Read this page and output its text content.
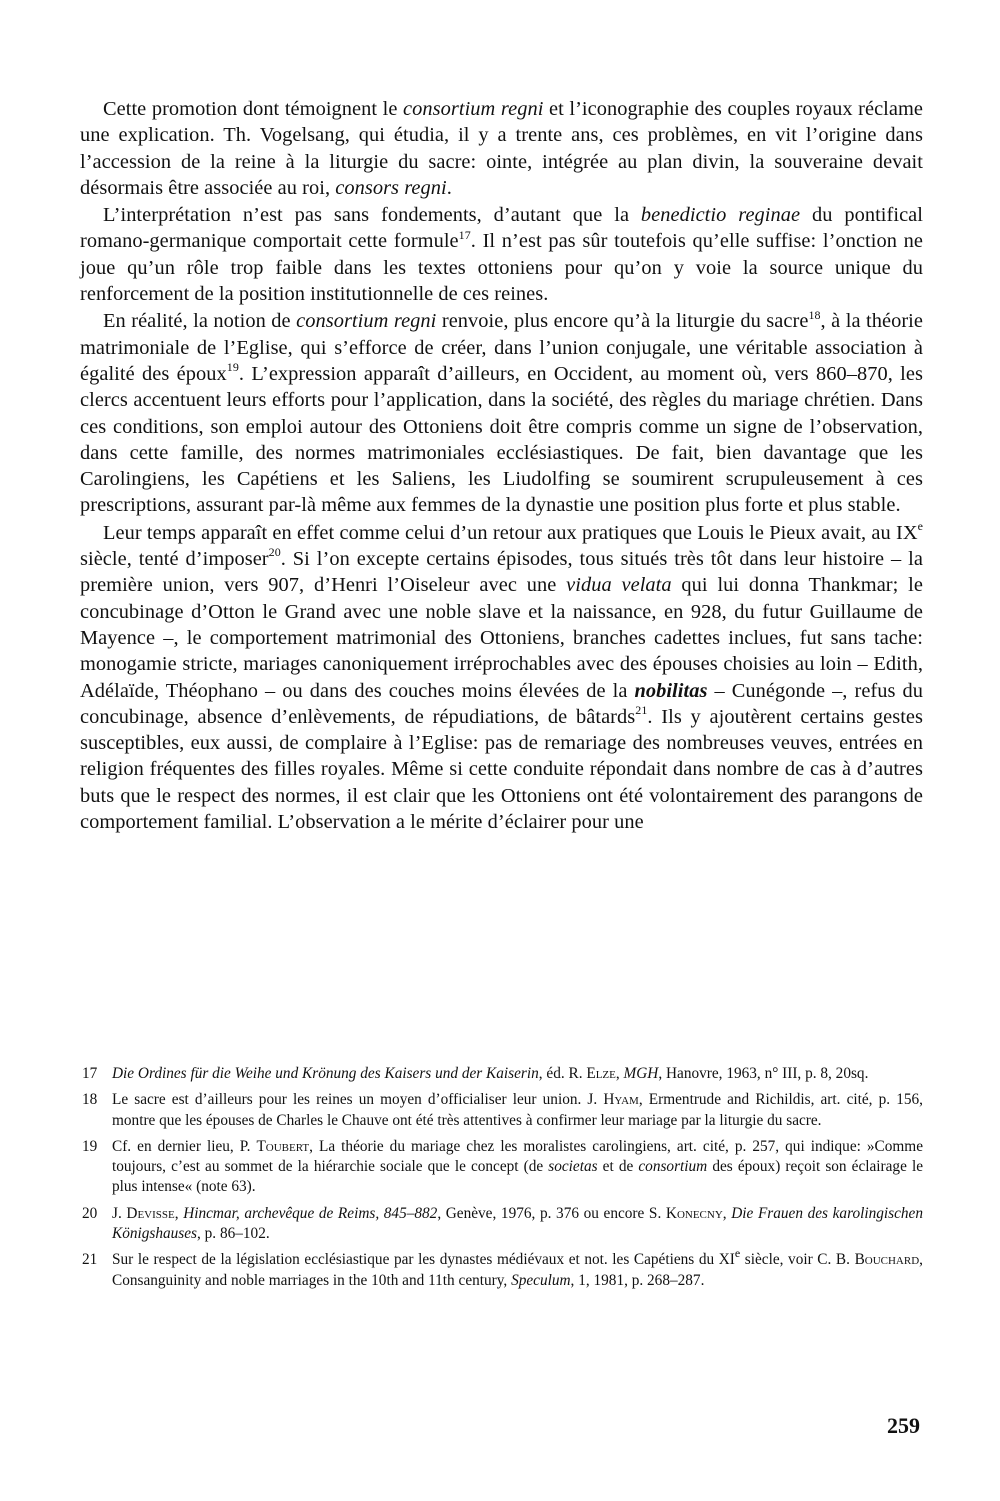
Cette promotion dont témoignent le consortium regni et l’iconographie des couples royaux réclame une explication. Th. Vogelsang, qui étudia, il y a trente ans, ces problèmes, en vit l’origine dans l’accession de la reine à la liturgie du sacre: ointe, intégrée au plan divin, la souveraine devait désormais être associée au roi, consors regni.

L’interprétation n’est pas sans fondements, d’autant que la benedictio reginae du pontifical romano-germanique comportait cette formule$^{17}$. Il n’est pas sûr toutefois qu’elle suffise: l’onction ne joue qu’un rôle trop faible dans les textes ottoniens pour qu’on y voie la source unique du renforcement de la position institutionnelle de ces reines.

En réalité, la notion de consortium regni renvoie, plus encore qu’à la liturgie du sacre$^{18}$, à la théorie matrimoniale de l’Eglise, qui s’efforce de créer, dans l’union conjugale, une véritable association à égalité des époux$^{19}$. L’expression apparaît d’ailleurs, en Occident, au moment où, vers 860–870, les clercs accentuent leurs efforts pour l’application, dans la société, des règles du mariage chrétien. Dans ces conditions, son emploi autour des Ottoniens doit être compris comme un signe de l’observation, dans cette famille, des normes matrimoniales ecclésiastiques. De fait, bien davantage que les Carolingiens, les Capétiens et les Saliens, les Liudolfing se soumirent scrupuleusement à ces prescriptions, assurant par-là même aux femmes de la dynastie une position plus forte et plus stable.

Leur temps apparaît en effet comme celui d’un retour aux pratiques que Louis le Pieux avait, au IXe siècle, tenté d’imposer$^{20}$. Si l’on excepte certains épisodes, tous situés très tôt dans leur histoire – la première union, vers 907, d’Henri l’Oiseleur avec une vidua velata qui lui donna Thankmar; le concubinage d’Otton le Grand avec une noble slave et la naissance, en 928, du futur Guillaume de Mayence –, le comportement matrimonial des Ottoniens, branches cadettes inclues, fut sans tache: monogamie stricte, mariages canoniquement irréprochables avec des épouses choisies au loin – Edith, Adélaïde, Théophano – ou dans des couches moins élevées de la nobilitas – Cunégonde –, refus du concubinage, absence d’enlèvements, de répudiations, de bâtards$^{21}$. Ils y ajoutèrent certains gestes susceptibles, eux aussi, de complaire à l’Eglise: pas de remariage des nombreuses veuves, entrées en religion fréquentes des filles royales. Même si cette conduite répondait dans nombre de cas à d’autres buts que le respect des normes, il est clair que les Ottoniens ont été volontairement des parangons de comportement familial. L’observation a le mérite d’éclairer pour une

17 Die Ordines für die Weihe und Krönung des Kaisers und der Kaiserin, éd. R. Elze, MGH, Hanovre, 1963, n° III, p. 8, 20sq.
18 Le sacre est d’ailleurs pour les reines un moyen d’officialiser leur union. J. Hyam, Ermentrude and Richildis, art. cité, p. 156, montre que les épouses de Charles le Chauve ont été très attentives à confirmer leur mariage par la liturgie du sacre.
19 Cf. en dernier lieu, P. Toubert, La théorie du mariage chez les moralistes carolingiens, art. cité, p. 257, qui indique: »Comme toujours, c’est au sommet de la hiérarchie sociale que le concept (de societas et de consortium des époux) reçoit son éclairage le plus intense« (note 63).
20 J. Devisse, Hincmar, archevêque de Reims, 845–882, Genève, 1976, p. 376 ou encore S. Konecny, Die Frauen des karolingischen Königshauses, p. 86–102.
21 Sur le respect de la législation ecclésiastique par les dynastes médiévaux et not. les Capétiens du XIe siècle, voir C. B. Bouchard, Consanguinity and noble marriages in the 10th and 11th century, Speculum, 1, 1981, p. 268–287.
259
